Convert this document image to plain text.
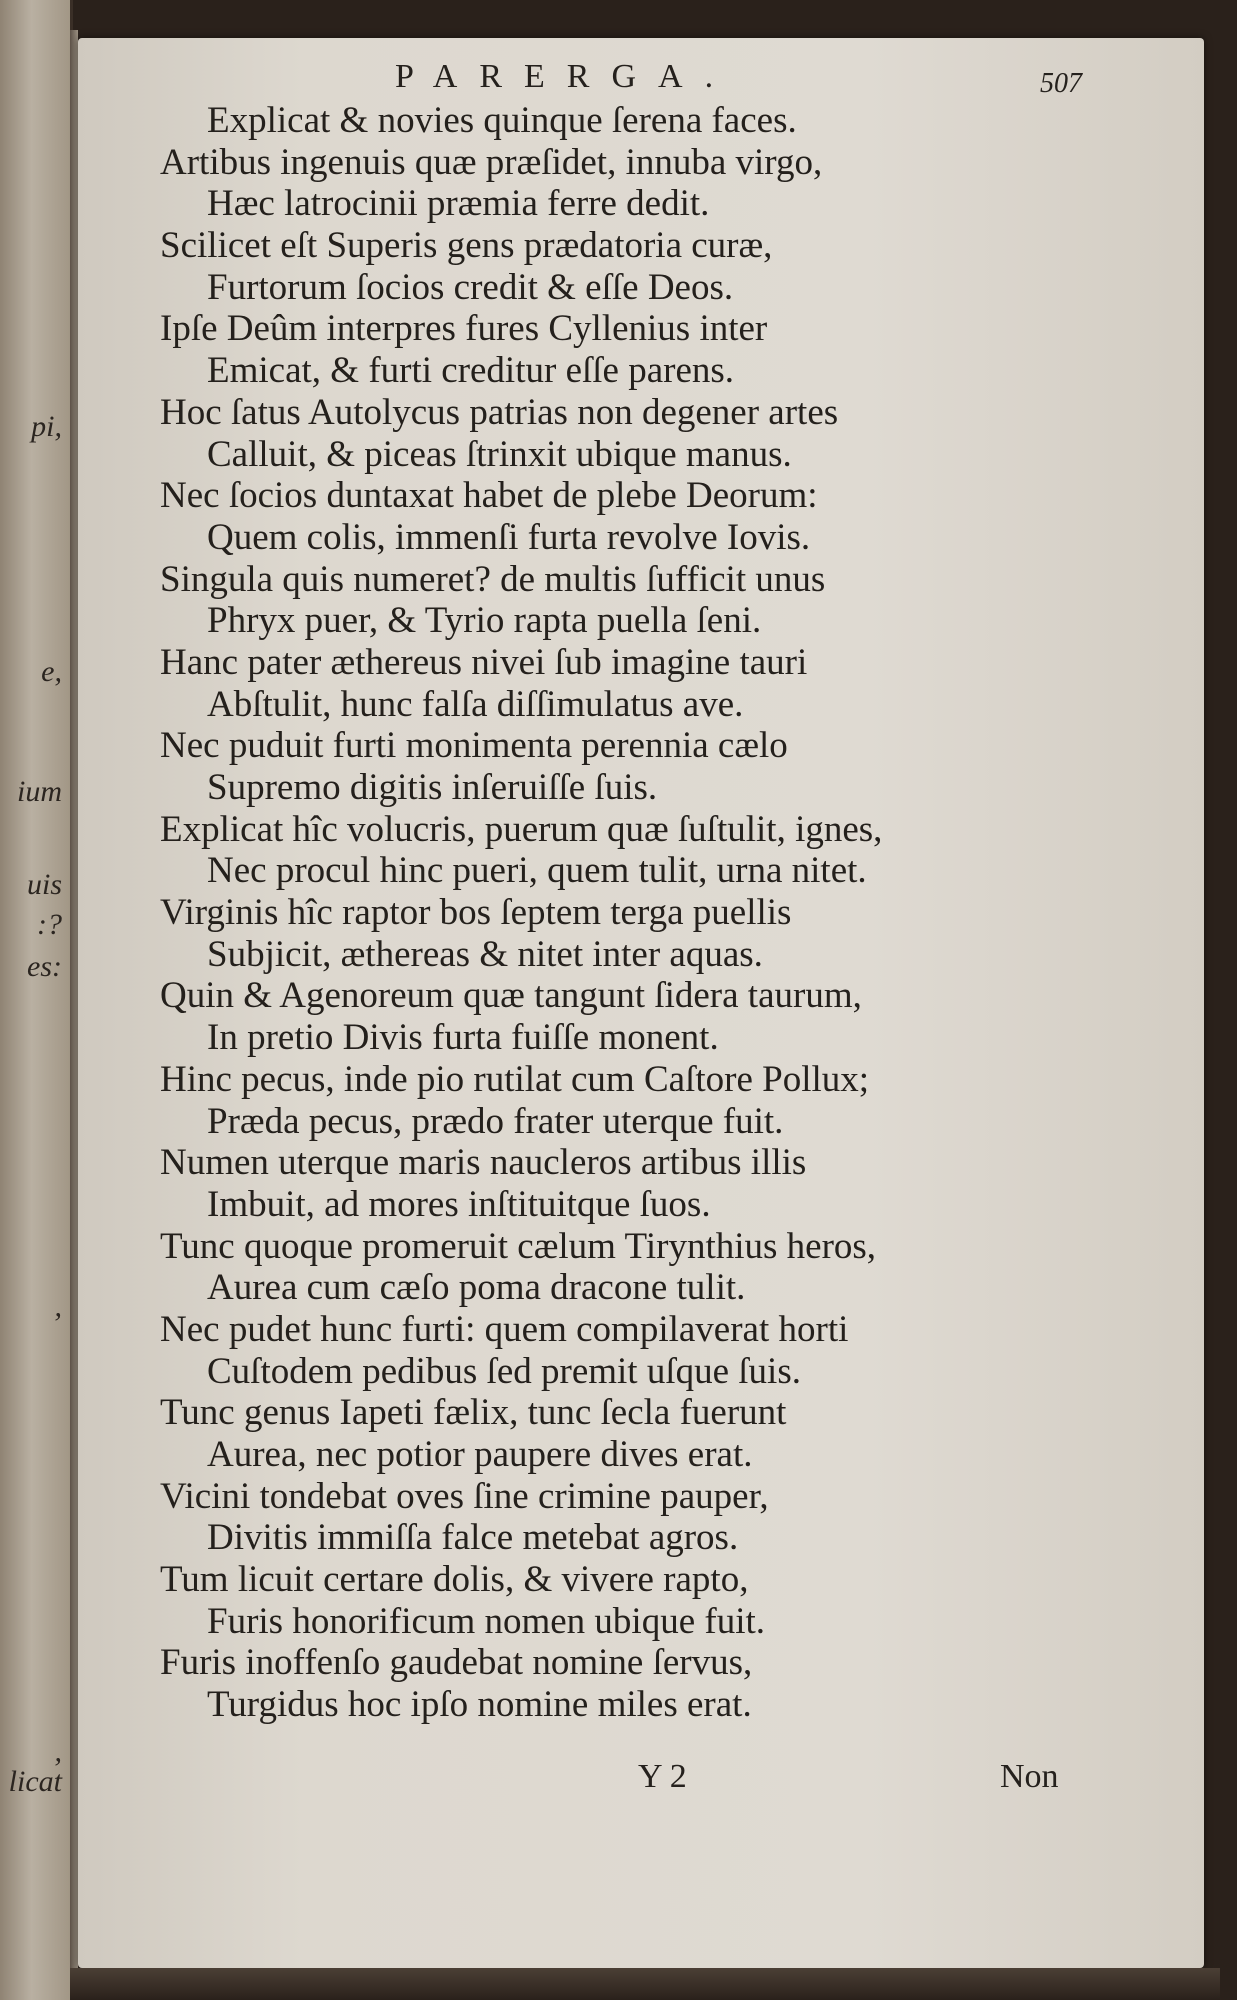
pi,
e,
ium
uis
:?
es:
,
,
licat
PARERGA.	507
Explicat & novies quinque ſerena faces.
Artibus ingenuis quæ præſidet, innuba virgo,
Hæc latrocinii præmia ferre dedit.
Scilicet eſt Superis gens prædatoria curæ,
Furtorum ſocios credit & eſſe Deos.
Ipſe Deûm interpres fures Cyllenius inter
Emicat, & furti creditur eſſe parens.
Hoc ſatus Autolycus patrias non degener artes
Calluit, & piceas ſtrinxit ubique manus.
Nec ſocios duntaxat habet de plebe Deorum:
Quem colis, immenſi furta revolve Iovis.
Singula quis numeret? de multis ſufficit unus
Phryx puer, & Tyrio rapta puella ſeni.
Hanc pater æthereus nivei ſub imagine tauri
Abſtulit, hunc falſa diſſimulatus ave.
Nec puduit furti monimenta perennia cælo
Supremo digitis inſeruiſſe ſuis.
Explicat hîc volucris, puerum quæ ſuſtulit, ignes,
Nec procul hinc pueri, quem tulit, urna nitet.
Virginis hîc raptor bos ſeptem terga puellis
Subjicit, æthereas & nitet inter aquas.
Quin & Agenoreum quæ tangunt ſidera taurum,
In pretio Divis furta fuiſſe monent.
Hinc pecus, inde pio rutilat cum Caſtore Pollux;
Præda pecus, prædo frater uterque fuit.
Numen uterque maris naucleros artibus illis
Imbuit, ad mores inſtituitque ſuos.
Tunc quoque promeruit cælum Tirynthius heros,
Aurea cum cæſo poma dracone tulit.
Nec pudet hunc furti: quem compilaverat horti
Cuſtodem pedibus ſed premit uſque ſuis.
Tunc genus Iapeti fælix, tunc ſecla fuerunt
Aurea, nec potior paupere dives erat.
Vicini tondebat oves ſine crimine pauper,
Divitis immiſſa falce metebat agros.
Tum licuit certare dolis, & vivere rapto,
Furis honorificum nomen ubique fuit.
Furis inoffenſo gaudebat nomine ſervus,
Turgidus hoc ipſo nomine miles erat.
Y 2	Non
